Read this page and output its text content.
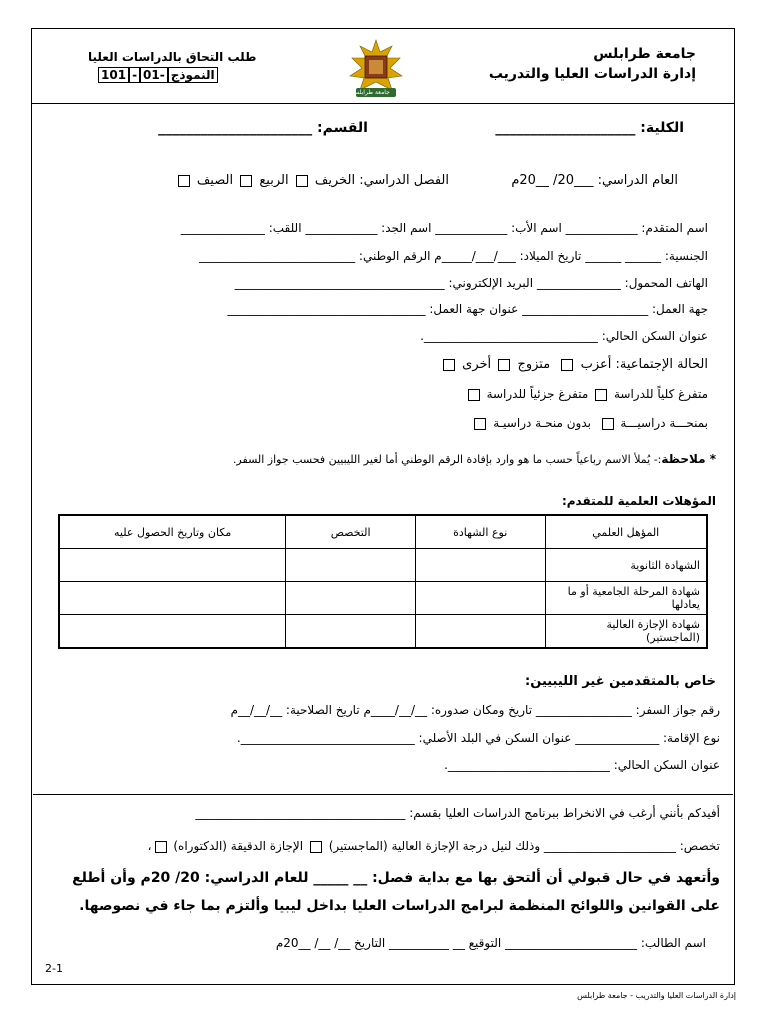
جامعة طرابلس
إدارة الدراسات العليا والتدريب
جامعة طرابلس
طلب التحاق بالدراسات العليا
101 - 01- النموذج
الكلية: ____________________
القسم: ______________________
العام الدراسي: ___20/ __20م
الفصل الدراسي: الخريف  الربيع  الصيف
اسم المتقدم: ____________ اسم الأب: ____________ اسم الجد: ____________ اللقب: ______________
الجنسية: ______ ______ تاريخ الميلاد: ___/___/_____م الرقم الوطني: __________________________
الهاتف المحمول: ______________ البريد الإلكتروني: ___________________________________
جهة العمل: _____________________ عنوان جهة العمل: _________________________________
عنوان السكن الحالي: _____________________________.
الحالة الإجتماعية: أعزب   متزوج  أخرى
متفرغ كلياً للدراسة  متفرغ جزئياً للدراسة
بمنحـــة دراسيـــة   بدون منحـة دراسيـة
* ملاحظة:- يُملأ الاسم رباعياً حسب ما هو وارد بإفادة الرقم الوطني أما لغير الليبيين فحسب جواز السفر.
المؤهلات العلمية للمتقدم:
المؤهل العلمي	نوع الشهادة	التخصص	مكان وتاريخ الحصول عليه
الشهادة الثانوية			
شهادة المرحلة الجامعية أو ما يعادلها			
شهادة الإجازة العالية (الماجستير)			
خاص بالمتقدمين غير الليبيين:
رقم جواز السفر: ________________ تاريخ ومكان صدوره: __/__/____م تاريخ الصلاحية: __/__/__م
نوع الإقامة: ______________ عنوان السكن في البلد الأصلي: _____________________________.
عنوان السكن الحالي: ___________________________.
أفيدكم بأنني أرغب في الانخراط ببرنامج الدراسات العليا بقسم: ___________________________________
تخصص: ______________________ وذلك لنيل درجة الإجازة العالية (الماجستير)  الإجازة الدقيقة (الدكتوراه) ،
وأتعهد في حال قبولي أن ألتحق بها مع بداية فصل: __ _____ للعام الدراسي: 20/ 20م وأن أطلع
على القوانين واللوائح المنظمة لبرامج الدراسات العليا بداخل ليبيا وألتزم بما جاء في نصوصها.
اسم الطالب: ______________________ التوقيع __ __________ التاريخ __/ __/ __20م
2-1
إدارة الدراسات العليا والتدريب - جامعة طرابلس
